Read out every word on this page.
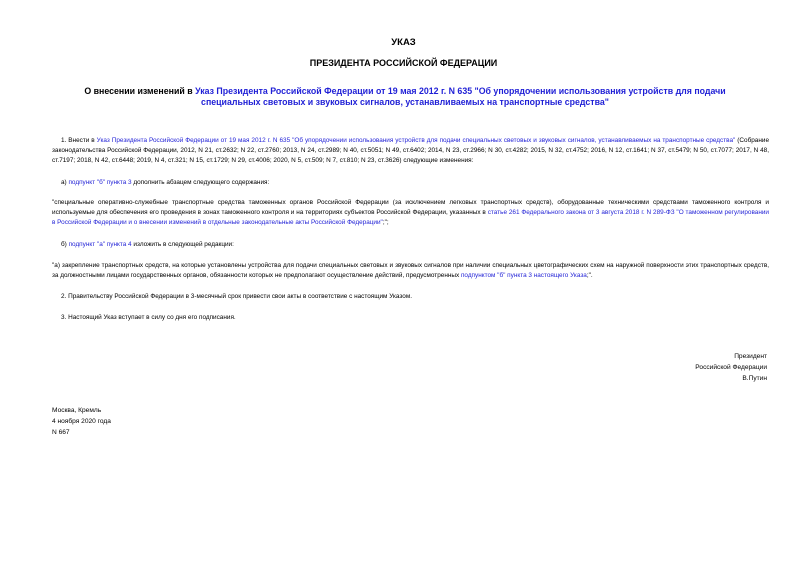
УКАЗ
ПРЕЗИДЕНТА РОССИЙСКОЙ ФЕДЕРАЦИИ
О внесении изменений в Указ Президента Российской Федерации от 19 мая 2012 г. N 635 "Об упорядочении использования устройств для подачи специальных световых и звуковых сигналов, устанавливаемых на транспортные средства"
1. Внести в Указ Президента Российской Федерации от 19 мая 2012 г. N 635 "Об упорядочении использования устройств для подачи специальных световых и звуковых сигналов, устанавливаемых на транспортные средства" (Собрание законодательства Российской Федерации, 2012, N 21, ст.2632; N 22, ст.2760; 2013, N 24, ст.2989; N 40, ст.5051; N 49, ст.6402; 2014, N 23, ст.2966; N 30, ст.4282; 2015, N 32, ст.4752; 2016, N 12, ст.1641; N 37, ст.5479; N 50, ст.7077; 2017, N 48, ст.7197; 2018, N 42, ст.6448; 2019, N 4, ст.321; N 15, ст.1729; N 29, ст.4006; 2020, N 5, ст.509; N 7, ст.810; N 23, ст.3626) следующие изменения:
а) подпункт "б" пункта 3 дополнить абзацем следующего содержания:
"специальные оперативно-служебные транспортные средства таможенных органов Российской Федерации (за исключением легковых транспортных средств), оборудованные техническими средствами таможенного контроля и используемые для обеспечения его проведения в зонах таможенного контроля и на территориях субъектов Российской Федерации, указанных в статье 261 Федерального закона от 3 августа 2018 г. N 289-ФЗ "О таможенном регулировании в Российской Федерации и о внесении изменений в отдельные законодательные акты Российской Федерации";";
б) подпункт "а" пункта 4 изложить в следующей редакции:
"а) закрепление транспортных средств, на которые установлены устройства для подачи специальных световых и звуковых сигналов при наличии специальных цветографических схем на наружной поверхности этих транспортных средств, за должностными лицами государственных органов, обязанности которых не предполагают осуществление действий, предусмотренных подпунктом "б" пункта 3 настоящего Указа;".
2. Правительству Российской Федерации в 3-месячный срок привести свои акты в соответствие с настоящим Указом.
3. Настоящий Указ вступает в силу со дня его подписания.
Президент
Российской Федерации
В.Путин
Москва, Кремль
4 ноября 2020 года
N 667
